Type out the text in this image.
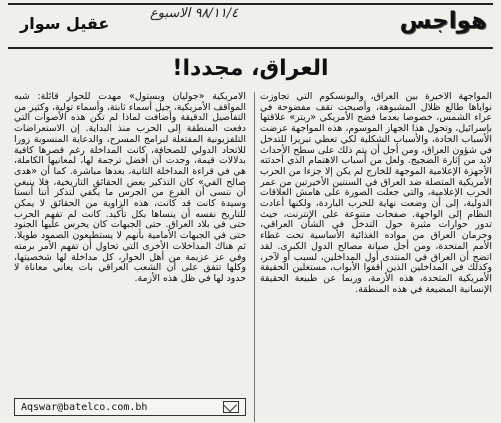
عقيل سوار
٩٨/١١/٤ الاسبوع	هواجس
العراق، مجددا!

المواجهة الأخيرة بين العراق، واليونسكوم التي تجاوزت نواياها طالع ظلال المشبوهة، وأصبحت تقف مفضوحة في عراء الشمس، خصوصا بعدما فضح الأمريكي «ريتر» علاقتها بإسرائيل، وتحول هذا الجهاز الموسوم، هذه المواجهة عرضت الأسباب الحادة، والأسباب الشكلية لكي تعطي تبريرا للتدخل في شؤون العراق، ومن أجل أن يتم ذلك على سطح الأحداث لابد من إثارة الضجيج. ولعل من أسباب الاهتمام الذي أحدثته الأجهزة الإعلامية الموجهة للخارج لم يكن إلا جزءا من الحرب الأمريكية المتصلة ضد العراق في السنتين الأخيرتين من عمر الحرب الإعلامية، والتي جعلت الصورة على هامش العلاقات الدولية، إلى أن وضعت نهاية للحرب الباردة، ولكنها أعادت النظام إلى الواجهة. صفحات متنوعة على الإنترنت، حيث تدور حوارات مثيرة حول التدخل في الشأن العراقي، وحرمان العراق من مواده الغذائية الأساسية تحت غطاء الأمم المتحدة، ومن أجل صيانة مصالح الدول الكبرى. لقد اتضح أن العراق في المنتدى أول المداخلين، لسبب أو لآخر، وكذلك في المداخلين الذين أقفوا الأبواب، مستغلين الحقيقة الأمريكية المتحدة، هذه الأزمة، وربما عن طبيعة الحقيقة الإنسانية المضيعة في هذه المنطقة.

الأمريكية «جوليان وبستول» مهدت للحوار قائلة: شبه المواقف الأمريكية، جيل أسماء ثابتة، وأسماء تولية، وكثير من التفاصيل الدقيقة وأضافت لماذا لم تكن هذه الأصوات التي دفعت المنطقة إلى الحرب منذ البداية. إن الاستعراضات التلفزيونية المفتعلة لبرامج المسرح، والدعاية المنسوبة زورا للاتحاد الدولي للصحافة، كانت المداخلة رغم قصرها كافية بدلالات قيمة، وجدت أن أفضل ترجمة لها، لمعانيها الكاملة، هي في قراءة المداخلة الثانية، بعدها مباشرة. كما أن «هدى صالح الفي» كان التذكير بعض الحقائق التاريخية، فلا ينبغي أن ننسى أن القرع من الجرس ما يكفي لتذكر أننا أنسنا وسيدة كانت قد كانت، هذه الزاوية من الحقائق لا يمكن للتاريخ نفسه أن ينساها بكل تأكيد. كانت لم تفهم الحرب حتى في بلاد العراق. حتى الجبهات كان يحرس عليها الجنود حتى في الجبهات الأمامية بأنهم لا يستطيعون الصمود طويلا. ثم هناك المداخلات الأخرى التي تحاول أن تفهم الأمر برمته وفي عز عزيمة من أهل الحوار، كل مداخلة لها شخصيتها، وكلها تتفق على أن الشعب العراقي بات يعاني معاناة لا حدود لها في ظل هذه الأزمة.

Aqswar@batelco.com.bh
